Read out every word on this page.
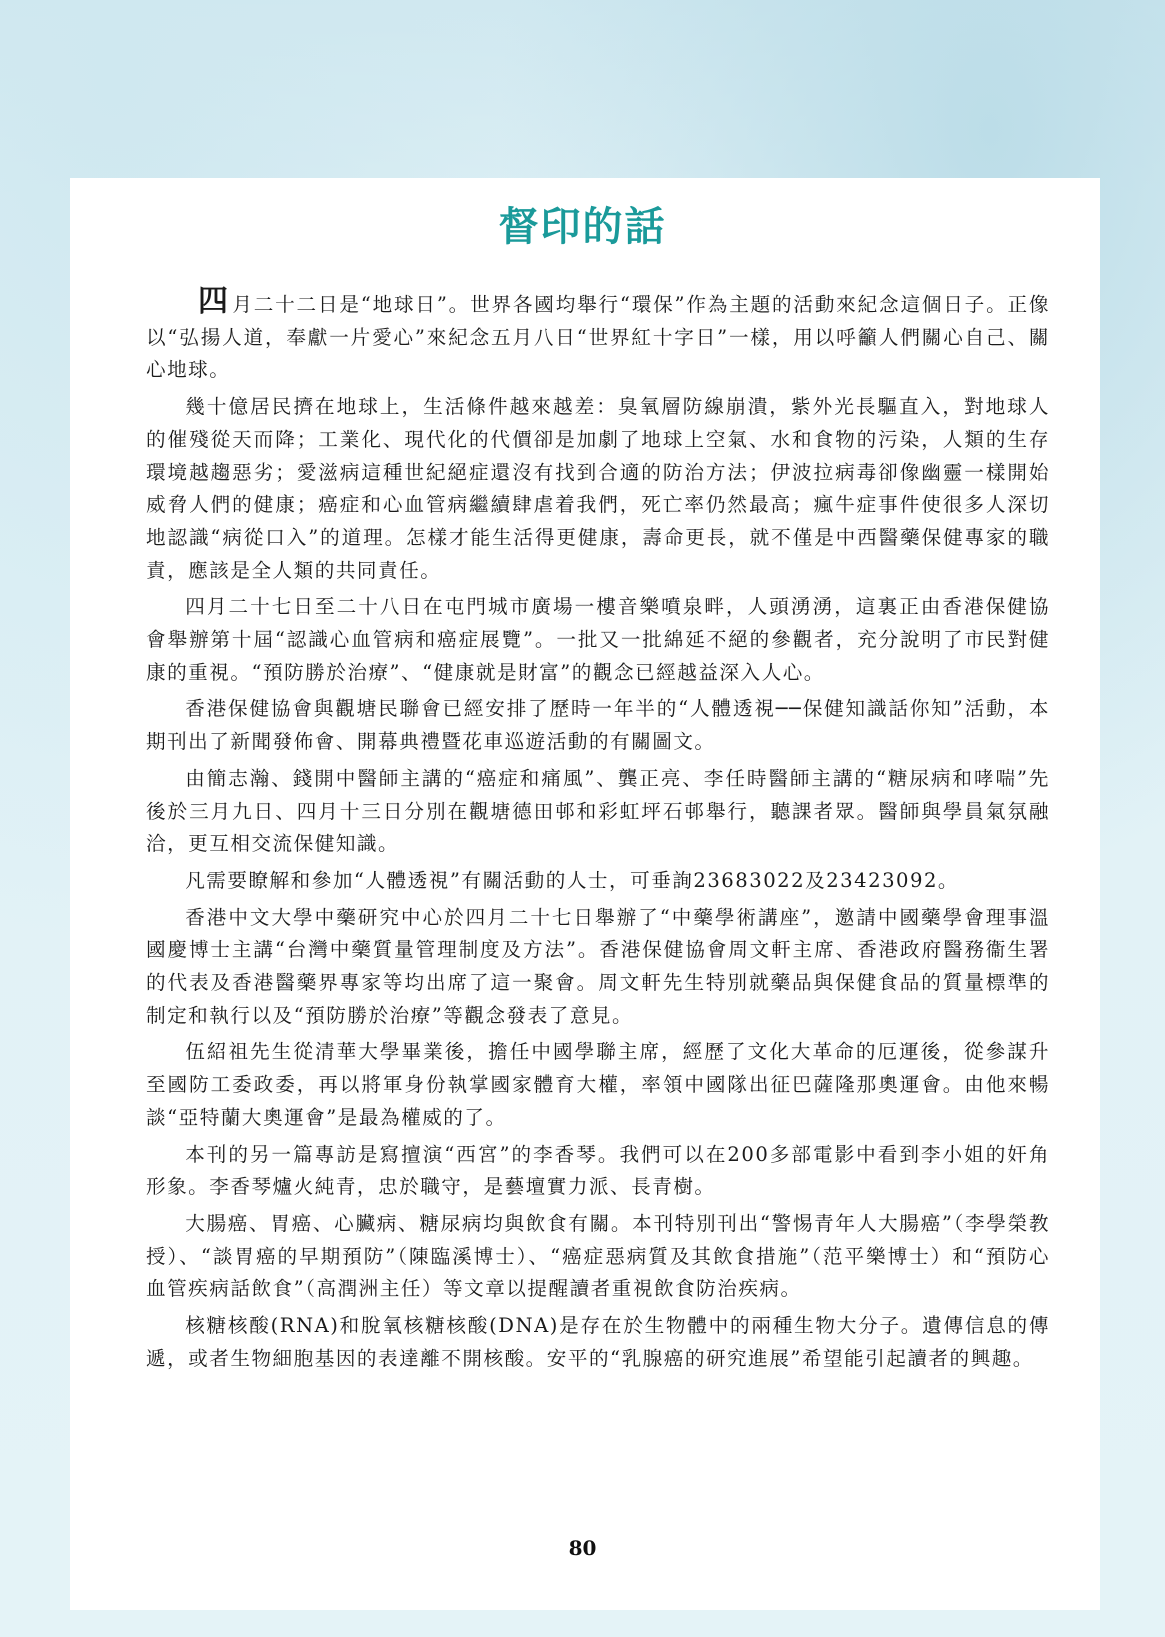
督印的話

四月二十二日是“地球日”。世界各國均舉行“環保”作為主題的活動來紀念這個日子。正像以“弘揚人道，奉獻一片愛心”來紀念五月八日“世界紅十字日”一樣，用以呼籲人們關心自己、關心地球。

幾十億居民擠在地球上，生活條件越來越差：臭氧層防線崩潰，紫外光長驅直入，對地球人的催殘從天而降；工業化、現代化的代價卻是加劇了地球上空氣、水和食物的污染，人類的生存環境越趨惡劣；愛滋病這種世紀絕症還沒有找到合適的防治方法；伊波拉病毒卻像幽靈一樣開始威脅人們的健康；癌症和心血管病繼續肆虐着我們，死亡率仍然最高；瘋牛症事件使很多人深切地認識“病從口入”的道理。怎樣才能生活得更健康，壽命更長，就不僅是中西醫藥保健專家的職責，應該是全人類的共同責任。

四月二十七日至二十八日在屯門城市廣場一樓音樂噴泉畔，人頭湧湧，這裏正由香港保健協會舉辦第十屆“認識心血管病和癌症展覽”。一批又一批綿延不絕的參觀者，充分說明了市民對健康的重視。“預防勝於治療”、“健康就是財富”的觀念已經越益深入人心。

香港保健協會與觀塘民聯會已經安排了歷時一年半的“人體透視──保健知識話你知”活動，本期刊出了新聞發佈會、開幕典禮暨花車巡遊活動的有關圖文。

由簡志瀚、錢開中醫師主講的“癌症和痛風”、龔正亮、李任時醫師主講的“糖尿病和哮喘”先後於三月九日、四月十三日分別在觀塘德田邨和彩虹坪石邨舉行，聽課者眾。醫師與學員氣氛融洽，更互相交流保健知識。

凡需要瞭解和參加“人體透視”有關活動的人士，可垂詢23683022及23423092。

香港中文大學中藥研究中心於四月二十七日舉辦了“中藥學術講座”，邀請中國藥學會理事溫國慶博士主講“台灣中藥質量管理制度及方法”。香港保健協會周文軒主席、香港政府醫務衞生署的代表及香港醫藥界專家等均出席了這一聚會。周文軒先生特別就藥品與保健食品的質量標準的制定和執行以及“預防勝於治療”等觀念發表了意見。

伍紹祖先生從清華大學畢業後，擔任中國學聯主席，經歷了文化大革命的厄運後，從參謀升至國防工委政委，再以將軍身份執掌國家體育大權，率領中國隊出征巴薩隆那奧運會。由他來暢談“亞特蘭大奧運會”是最為權威的了。

本刊的另一篇專訪是寫擅演“西宮”的李香琴。我們可以在200多部電影中看到李小姐的奸角形象。李香琴爐火純青，忠於職守，是藝壇實力派、長青樹。

大腸癌、胃癌、心臟病、糖尿病均與飲食有關。本刊特別刊出“警惕青年人大腸癌”（李學榮教授）、“談胃癌的早期預防”（陳臨溪博士）、“癌症惡病質及其飲食措施”（范平樂博士）和“預防心血管疾病話飲食”（高潤洲主任）等文章以提醒讀者重視飲食防治疾病。

核糖核酸(RNA)和脫氧核糖核酸(DNA)是存在於生物體中的兩種生物大分子。遺傳信息的傳遞，或者生物細胞基因的表達離不開核酸。安平的“乳腺癌的研究進展”希望能引起讀者的興趣。

80
